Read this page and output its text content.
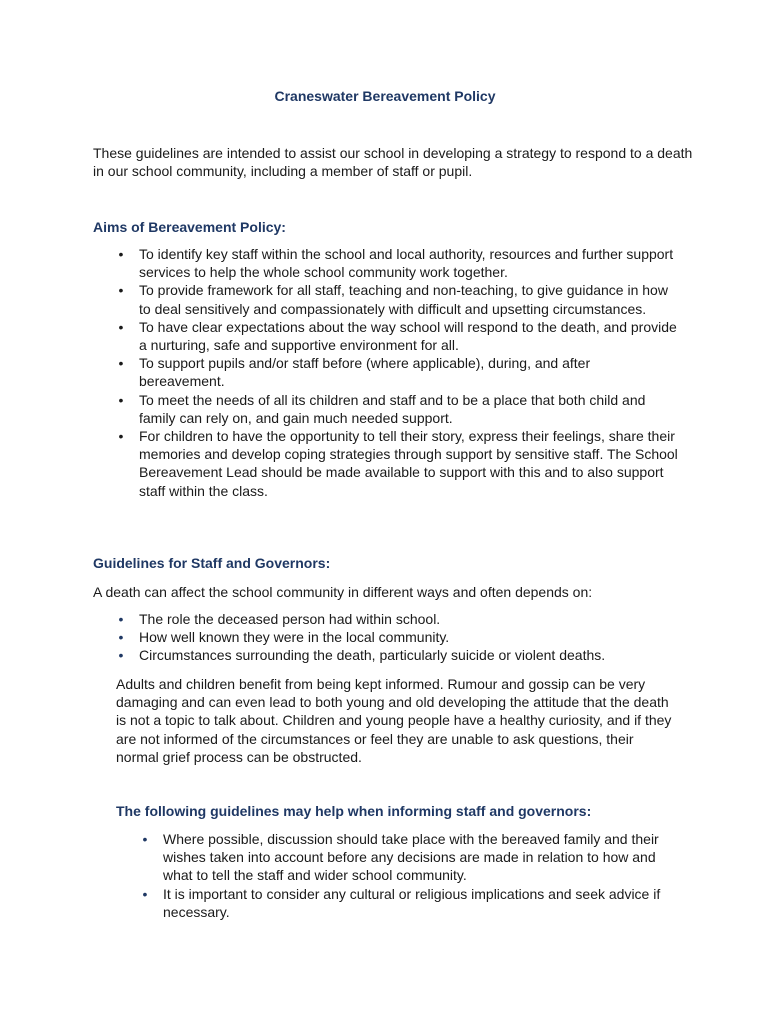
Craneswater Bereavement Policy

These guidelines are intended to assist our school in developing a strategy to respond to a death in our school community, including a member of staff or pupil.

Aims of Bereavement Policy:
• To identify key staff within the school and local authority, resources and further support services to help the whole school community work together.
• To provide framework for all staff, teaching and non-teaching, to give guidance in how to deal sensitively and compassionately with difficult and upsetting circumstances.
• To have clear expectations about the way school will respond to the death, and provide a nurturing, safe and supportive environment for all.
• To support pupils and/or staff before (where applicable), during, and after bereavement.
• To meet the needs of all its children and staff and to be a place that both child and family can rely on, and gain much needed support.
• For children to have the opportunity to tell their story, express their feelings, share their memories and develop coping strategies through support by sensitive staff. The School Bereavement Lead should be made available to support with this and to also support staff within the class.
Guidelines for Staff and Governors:

A death can affect the school community in different ways and often depends on:

• The role the deceased person had within school.
• How well known they were in the local community.
• Circumstances surrounding the death, particularly suicide or violent deaths.

Adults and children benefit from being kept informed. Rumour and gossip can be very damaging and can even lead to both young and old developing the attitude that the death is not a topic to talk about. Children and young people have a healthy curiosity, and if they are not informed of the circumstances or feel they are unable to ask questions, their normal grief process can be obstructed.

The following guidelines may help when informing staff and governors:
• Where possible, discussion should take place with the bereaved family and their wishes taken into account before any decisions are made in relation to how and what to tell the staff and wider school community.
• It is important to consider any cultural or religious implications and seek advice if necessary.
